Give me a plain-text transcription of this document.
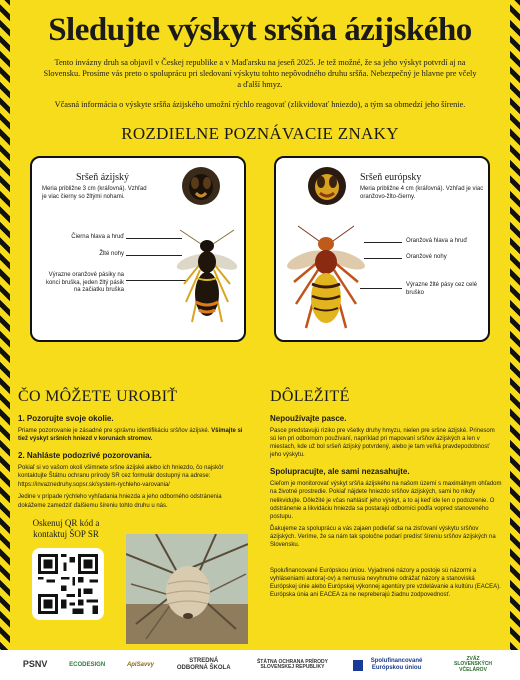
Sledujte výskyt sršňa ázijského

Tento invázny druh sa objavil v Českej republike a v Maďarsku na jeseň 2025. Je tež možné, že sa jeho výskyt potvrdí aj na Slovensku. Prosíme vás preto o spoluprácu pri sledovaní výskytu tohto nepôvodného druhu sršňa. Nebezpečný je hlavne pre včely a ďalší hmyz.

Včasná informácia o výskyte sršňa ázijského umožní rýchlo reagovať (zlikvidovať hniezdo), a tým sa obmedzí jeho šírenie.

ROZDIELNE POZNÁVACIE ZNAKY
Sršeň ázijský
Meria približne 3 cm (kráľovná). Vzhľad je viac čierny so žltými nohami.
Čierna hlava a hruď
Žlté nohy
Výrazne oranžové pásiky na konci bruška, jeden žltý pásik na začiatku bruška
Sršeň európsky
Meria približne 4 cm (kráľovná). Vzhľad je viac oranžovo-žlto-čierny.
Oranžová hlava a hruď
Oranžové nohy
Výrazne žlté pásy cez celé bruško
ČO MÔŽETE UROBIŤ
1. Pozorujte svoje okolie.

Priame pozorovanie je zásadné pre správnu identifikáciu sršňov ázijské. Všímajte si tiež výskyt sršních hniezd v korunách stromov.

2. Nahláste podozrivé pozorovania.

Pokiaľ si vo vašom okolí všimnete sršne ázijské alebo ich hniezdo, čo najskôr kontaktujte Štátnu ochranu prírody SR cez formulár dostupný na adrese:

https://invaznedruhy.sopsr.sk/system-rychleho-varovania/

Jedine v prípade rýchleho vyhľadania hniezda a jeho odborného odstránenia dokážeme zamedziť ďalšiemu šíreniu tohto druhu u nás.

Oskenuj QR kód a kontaktuj ŠOP SR
DÔLEŽITÉ
Nepoužívajte pasce.

Pasce predstavujú riziko pre všetky druhy hmyzu, nielen pre sršne ázijské. Prinesom sú len pri odbornom používaní, napríklad pri mapovaní sršňov ázijských a len v miestach, kde už bol sršeň ázijský potvrdený, alebo je tam veľká pravdepodobnosť jeho výskytu.

Spolupracujte, ale sami nezasahujte.

Cieľom je monitorovať výskyt sršňa ázijského na našom území s maximálnym ohľadom na životné prostredie. Pokiaľ nájdete hniezdo sršňov ázijských, sami ho nikdy nelikvidujte. Dôležité je včas nahlásiť jeho výskyt, a to aj keď ide len o podozrenie. O odstránenie a likvidáciu hniezda sa postarajú odborníci podľa vopred stanoveného postupu.

Ďakujeme za spoluprácu a vás zajaen podieľať sa na zisťovaní výskytu sršňov ázijských. Veríme, že sa nám tak spoločne podarí predísť šíreniu sršňov ázijských na Slovensku.

Spolufinancované Európskou úniou. Vyjadrené názory a postoje sú názormi a vyhláseniami autora(-ov) a nemusia nevyhnutne odrážať názory a stanoviská Európskej únie alebo Európskej výkonnej agentúry pre vzdelávanie a kultúru (EACEA). Európska únia ani EACEA za ne nepreberajú žiadnu zodpovednosť.

PSNV	ECODESIGN	ApiSavvy
STREDNÁ ODBORNÁ ŠKOLA
ŠTÁTNA OCHRANA PRÍRODY SLOVENSKEJ REPUBLIKY
Spolufinancované Európskou úniou
ZVÄZ SLOVENSKÝCH VČELÁROV
